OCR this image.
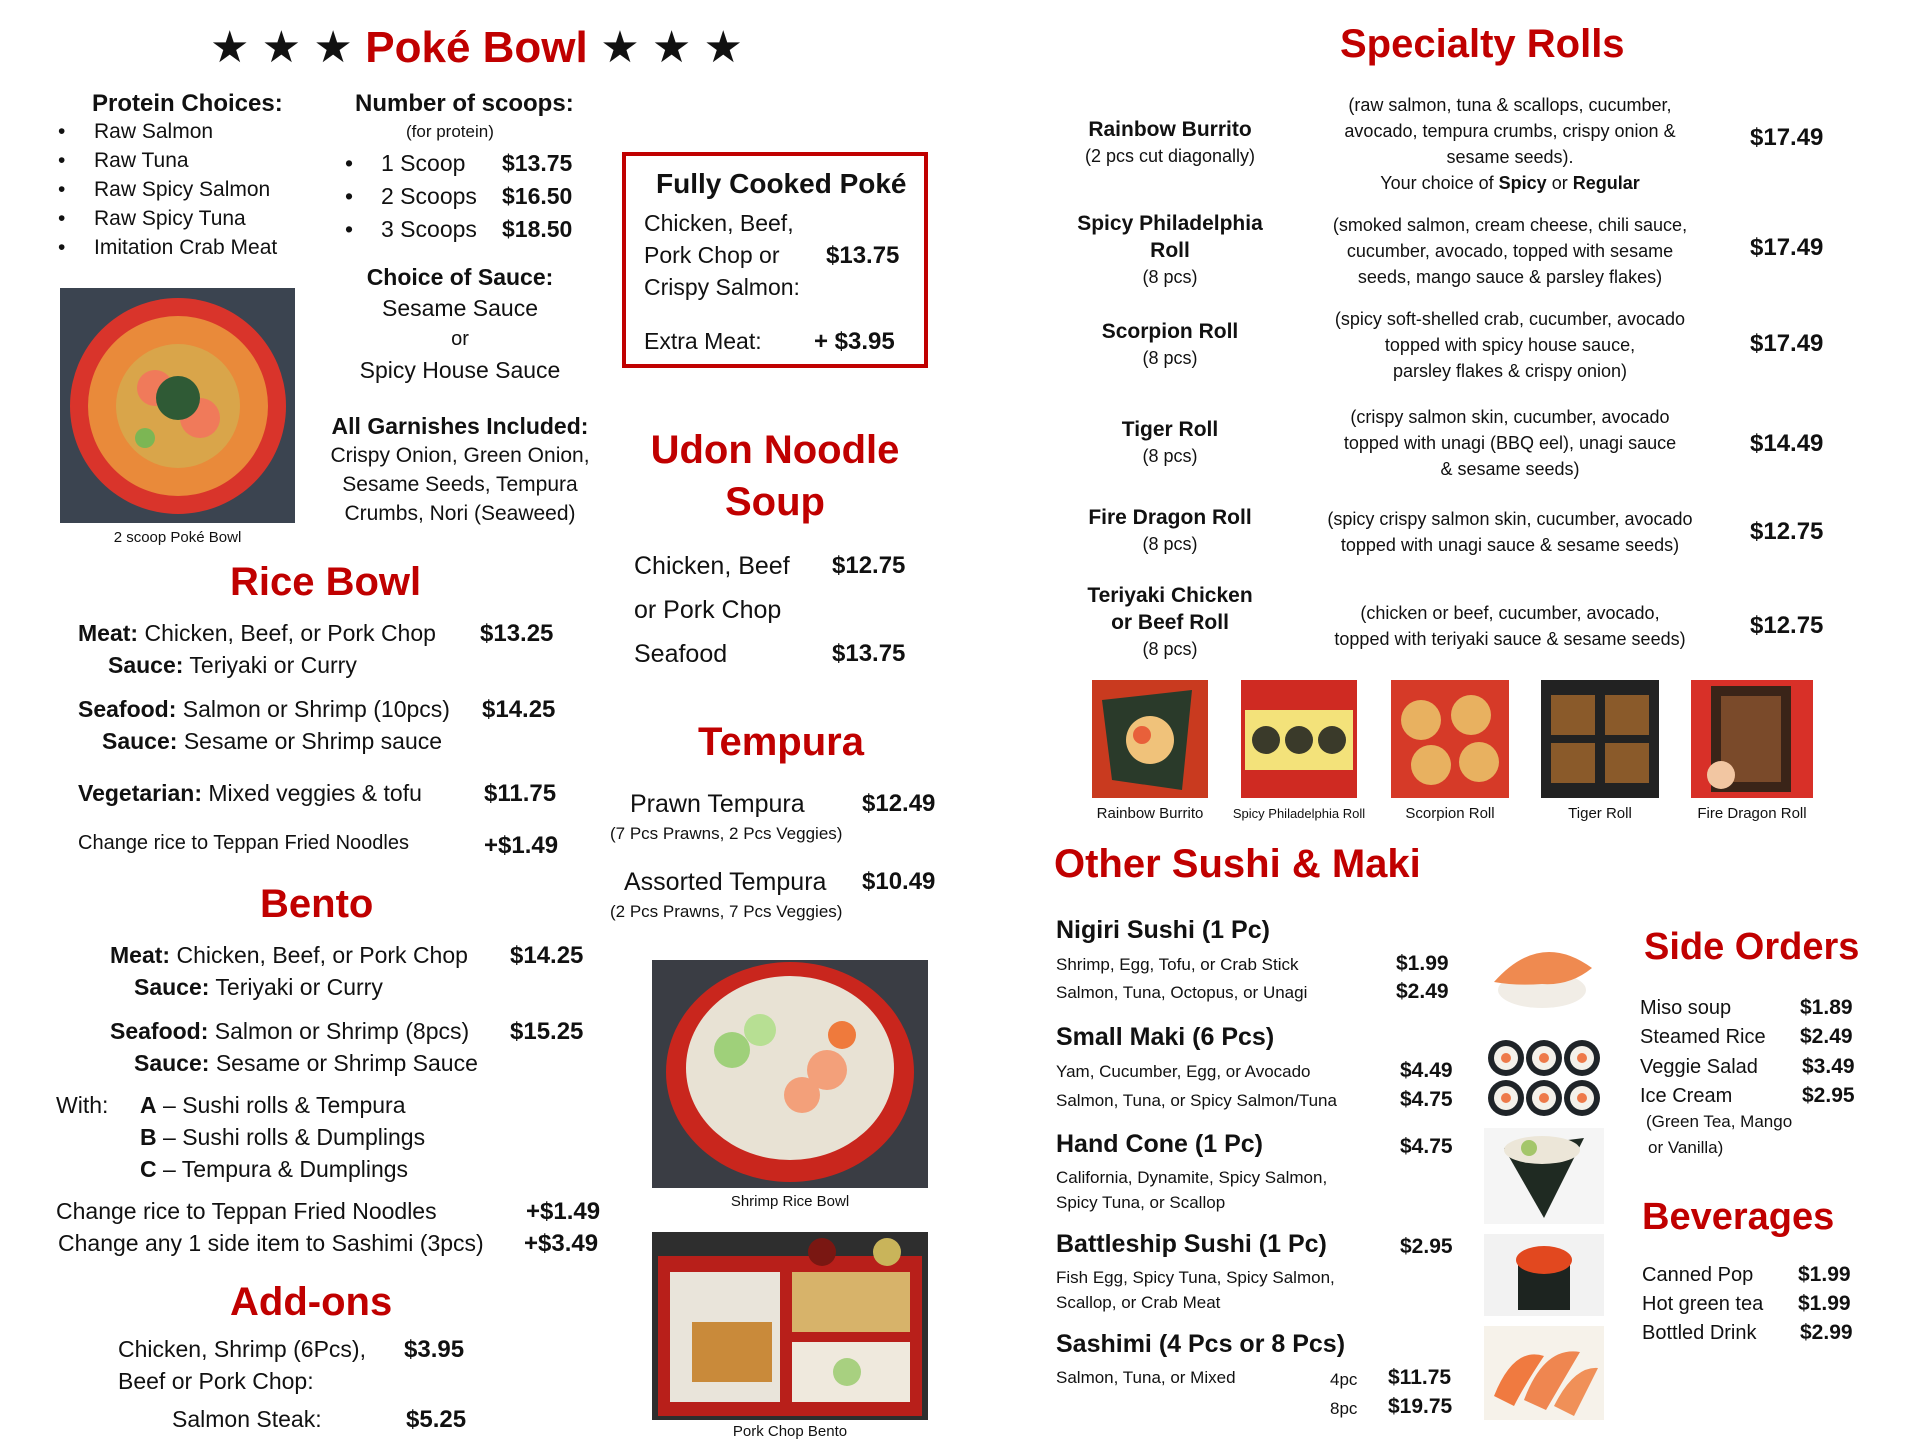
★ ★ ★ Poké Bowl ★ ★ ★
Protein Choices:
• Raw Salmon
• Raw Tuna
• Raw Spicy Salmon
• Raw Spicy Tuna
• Imitation Crab Meat
2 scoop Poké Bowl
Number of scoops:
(for protein)
• 1 Scoop $13.75
• 2 Scoops $16.50
• 3 Scoops $18.50
Choice of Sauce:
Sesame Sauce
or
Spicy House Sauce
All Garnishes Included:
Crispy Onion, Green Onion,
Sesame Seeds, Tempura
Crumbs, Nori (Seaweed)
Fully Cooked Poké
Chicken, Beef,
Pork Chop or
Crispy Salmon:
$13.75
Extra Meat: + $3.95
Rice Bowl
Meat: Chicken, Beef, or Pork Chop $13.25
Sauce: Teriyaki or Curry
Seafood: Salmon or Shrimp (10pcs) $14.25
Sauce: Sesame or Shrimp sauce
Vegetarian: Mixed veggies & tofu	$11.75
Change rice to Teppan Fried Noodles	+$1.49
Bento
Meat: Chicken, Beef, or Pork Chop $14.25
Sauce: Teriyaki or Curry
Seafood: Salmon or Shrimp (8pcs) $15.25
Sauce: Sesame or Shrimp Sauce
With: A – Sushi rolls & Tempura
B – Sushi rolls & Dumplings
C – Tempura & Dumplings
Change rice to Teppan Fried Noodles	+$1.49
Change any 1 side item to Sashimi (3pcs) +$3.49
Add-ons
Chicken, Shrimp (6Pcs), $3.95
Beef or Pork Chop:
Salmon Steak:	$5.25
Udon Noodle
Soup
Chicken, Beef $12.75
or Pork Chop
Seafood	$13.75
Tempura
Prawn Tempura $12.49
(7 Pcs Prawns, 2 Pcs Veggies)
Assorted Tempura $10.49
(2 Pcs Prawns, 7 Pcs Veggies)
Shrimp Rice Bowl
Pork Chop Bento
Specialty Rolls
Rainbow Burrito
(2 pcs cut diagonally)
(raw salmon, tuna & scallops, cucumber,
avocado, tempura crumbs, crispy onion &
sesame seeds).
Your choice of Spicy or Regular
$17.49
Spicy Philadelphia
Roll
(8 pcs)
(smoked salmon, cream cheese, chili sauce,
cucumber, avocado, topped with sesame
seeds, mango sauce & parsley flakes)
$17.49
Scorpion Roll
(8 pcs)
(spicy soft-shelled crab, cucumber, avocado
topped with spicy house sauce,
parsley flakes & crispy onion)
$17.49
Tiger Roll
(8 pcs)
(crispy salmon skin, cucumber, avocado
topped with unagi (BBQ eel), unagi sauce
& sesame seeds)
$14.49
Fire Dragon Roll
(8 pcs)
(spicy crispy salmon skin, cucumber, avocado
topped with unagi sauce & sesame seeds)	$12.75
Teriyaki Chicken
or Beef Roll
(8 pcs)
(chicken or beef, cucumber, avocado,
topped with teriyaki sauce & sesame seeds)	$12.75
Rainbow Burrito	Spicy Philadelphia Roll	Scorpion Roll	Tiger Roll	Fire Dragon Roll
Other Sushi & Maki
Nigiri Sushi (1 Pc)
Shrimp, Egg, Tofu, or Crab Stick	$1.99
Salmon, Tuna, Octopus, or Unagi	$2.49
Small Maki (6 Pcs)
Yam, Cucumber, Egg, or Avocado	$4.49
Salmon, Tuna, or Spicy Salmon/Tuna	$4.75
Hand Cone (1 Pc)	$4.75
California, Dynamite, Spicy Salmon,
Spicy Tuna, or Scallop
Battleship Sushi (1 Pc)	$2.95
Fish Egg, Spicy Tuna, Spicy Salmon,
Scallop, or Crab Meat
Sashimi (4 Pcs or 8 Pcs)
Salmon, Tuna, or Mixed	4pc $11.75
8pc $19.75
Side Orders
Miso soup	$1.89
Steamed Rice $2.49
Veggie Salad $3.49
Ice Cream	$2.95
(Green Tea, Mango
or Vanilla)
Beverages
Canned Pop $1.99
Hot green tea $1.99
Bottled Drink $2.99
